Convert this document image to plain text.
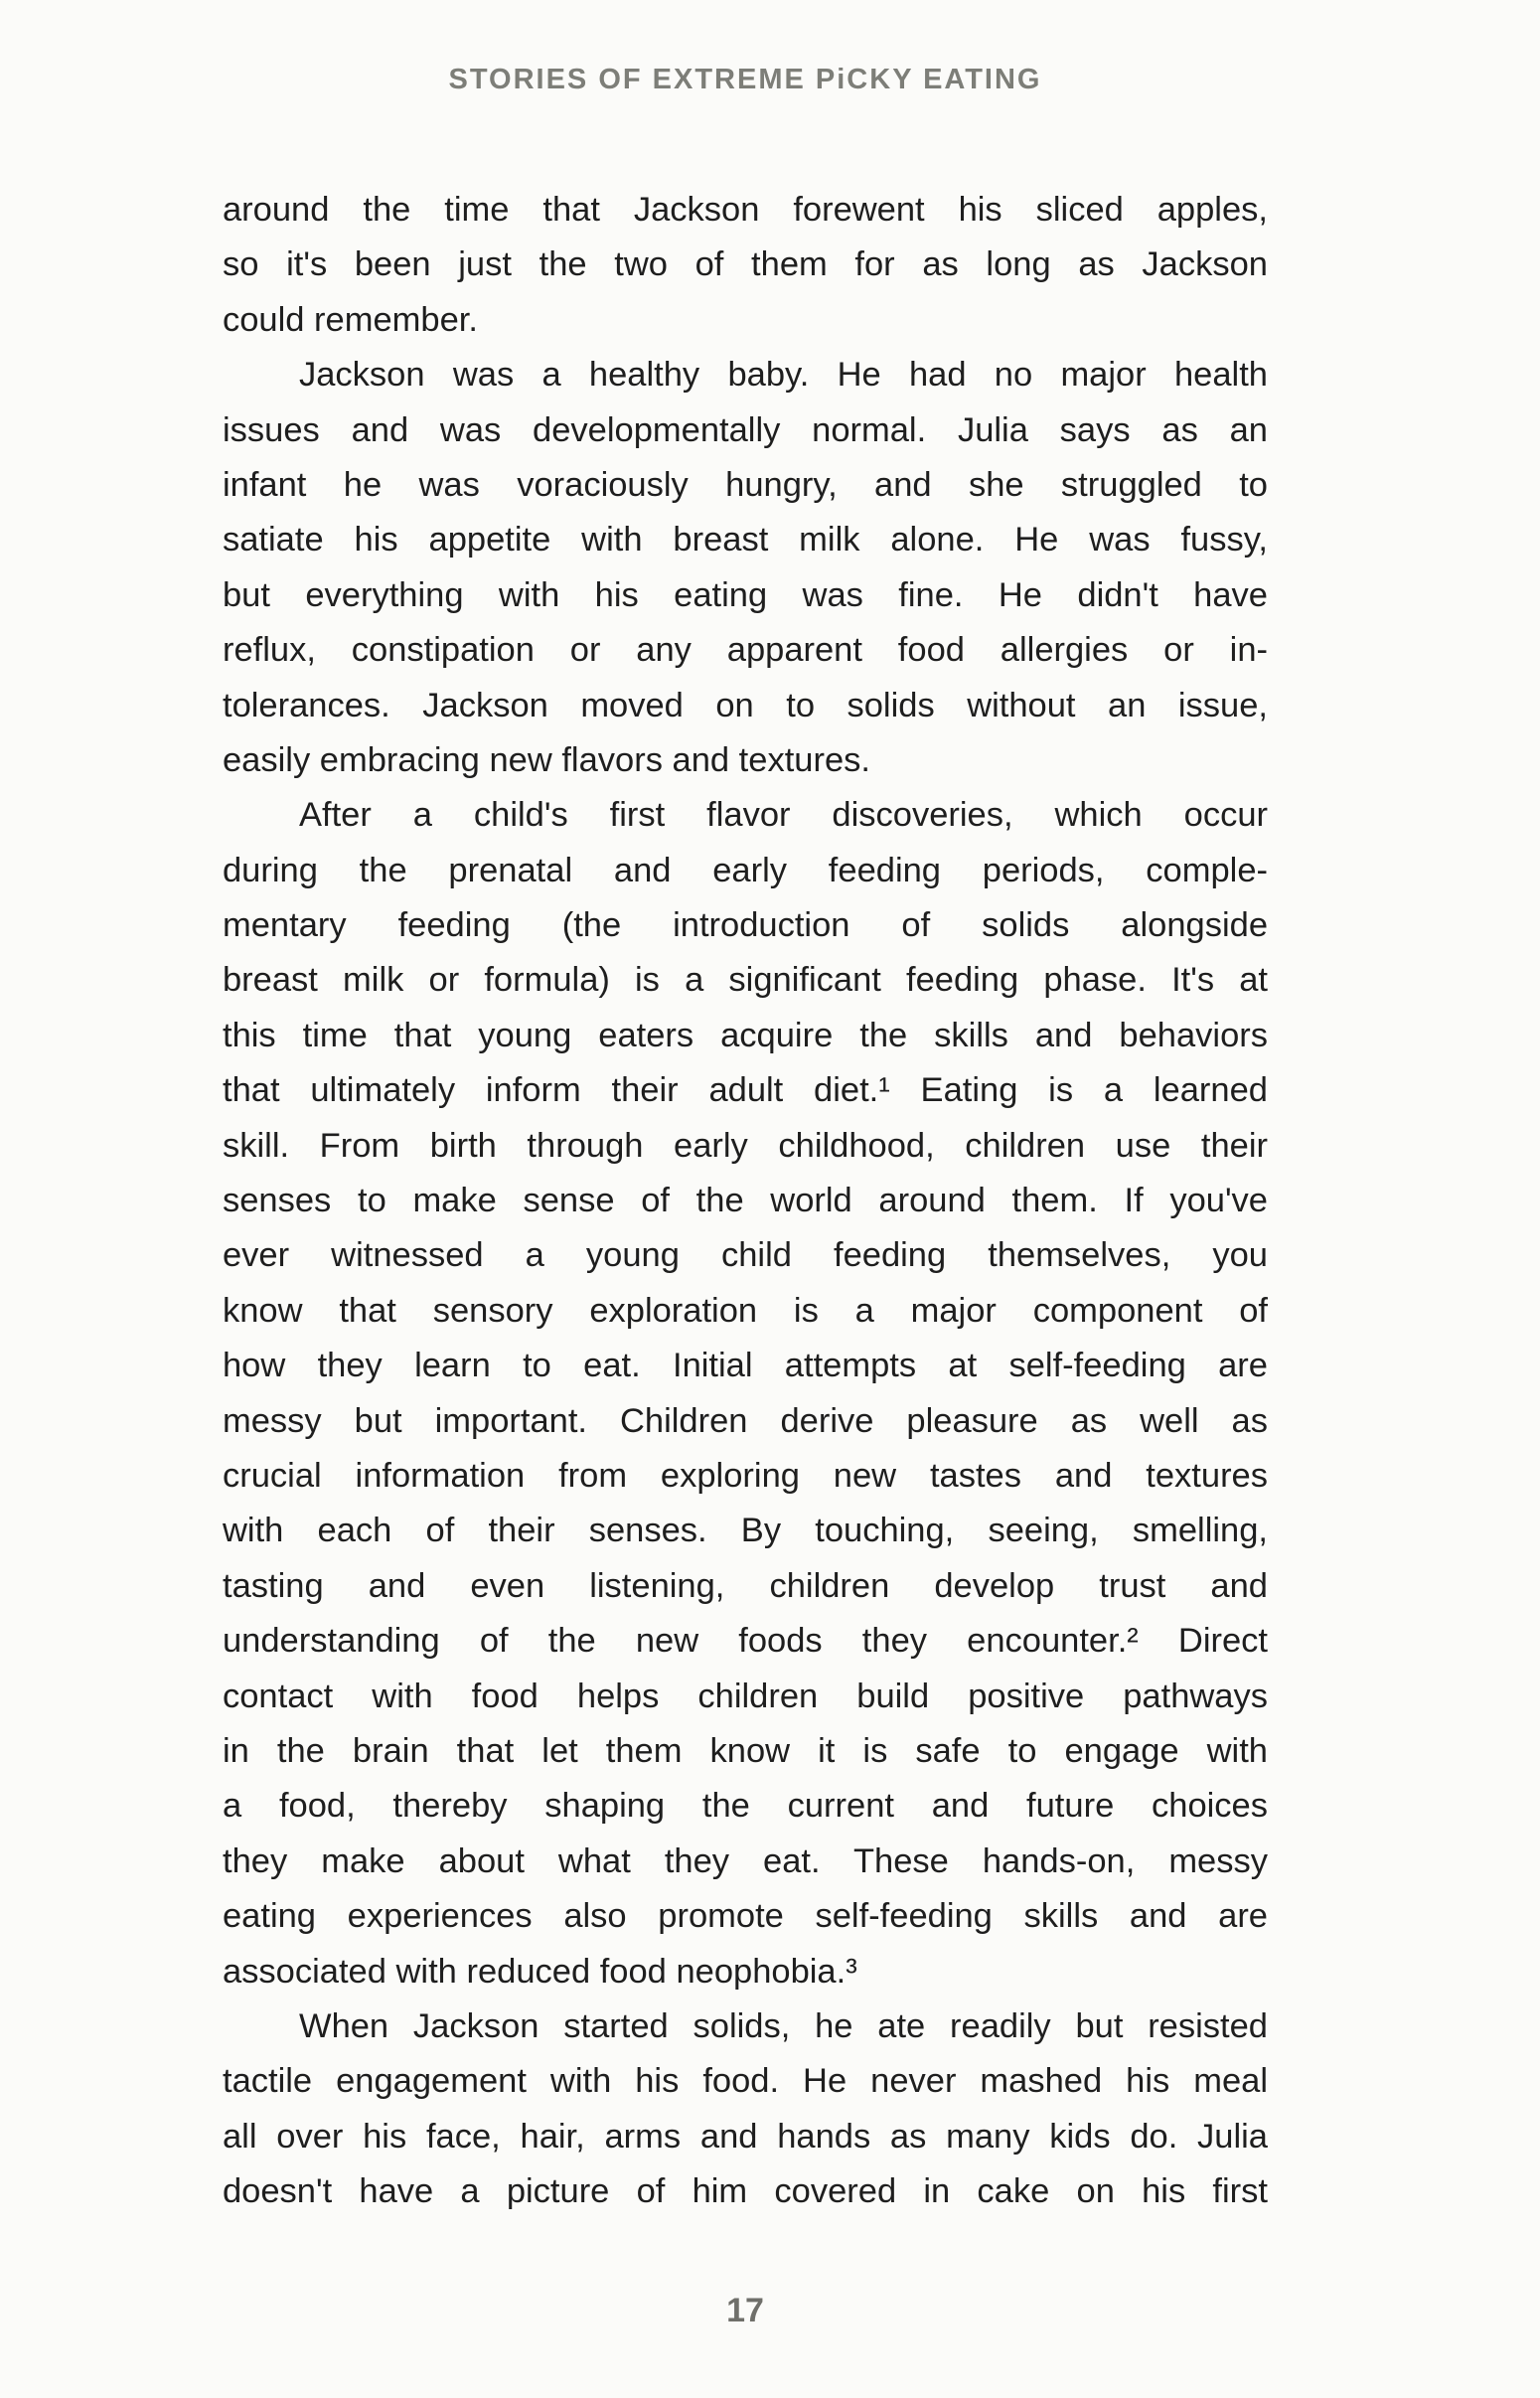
STORIES OF EXTREME PiCKY EATING
around the time that Jackson forewent his sliced apples,
so it's been just the two of them for as long as Jackson
could remember.
Jackson was a healthy baby. He had no major health
issues and was developmentally normal. Julia says as an
infant he was voraciously hungry, and she struggled to
satiate his appetite with breast milk alone. He was fussy,
but everything with his eating was fine. He didn't have
reflux, constipation or any apparent food allergies or in-
tolerances. Jackson moved on to solids without an issue,
easily embracing new flavors and textures.
After a child's first flavor discoveries, which occur
during the prenatal and early feeding periods, comple-
mentary feeding (the introduction of solids alongside
breast milk or formula) is a significant feeding phase. It's at
this time that young eaters acquire the skills and behaviors
that ultimately inform their adult diet.¹ Eating is a learned
skill. From birth through early childhood, children use their
senses to make sense of the world around them. If you've
ever witnessed a young child feeding themselves, you
know that sensory exploration is a major component of
how they learn to eat. Initial attempts at self-feeding are
messy but important. Children derive pleasure as well as
crucial information from exploring new tastes and textures
with each of their senses. By touching, seeing, smelling,
tasting and even listening, children develop trust and
understanding of the new foods they encounter.² Direct
contact with food helps children build positive pathways
in the brain that let them know it is safe to engage with
a food, thereby shaping the current and future choices
they make about what they eat. These hands-on, messy
eating experiences also promote self-feeding skills and are
associated with reduced food neophobia.³
When Jackson started solids, he ate readily but resisted
tactile engagement with his food. He never mashed his meal
all over his face, hair, arms and hands as many kids do. Julia
doesn't have a picture of him covered in cake on his first
17
